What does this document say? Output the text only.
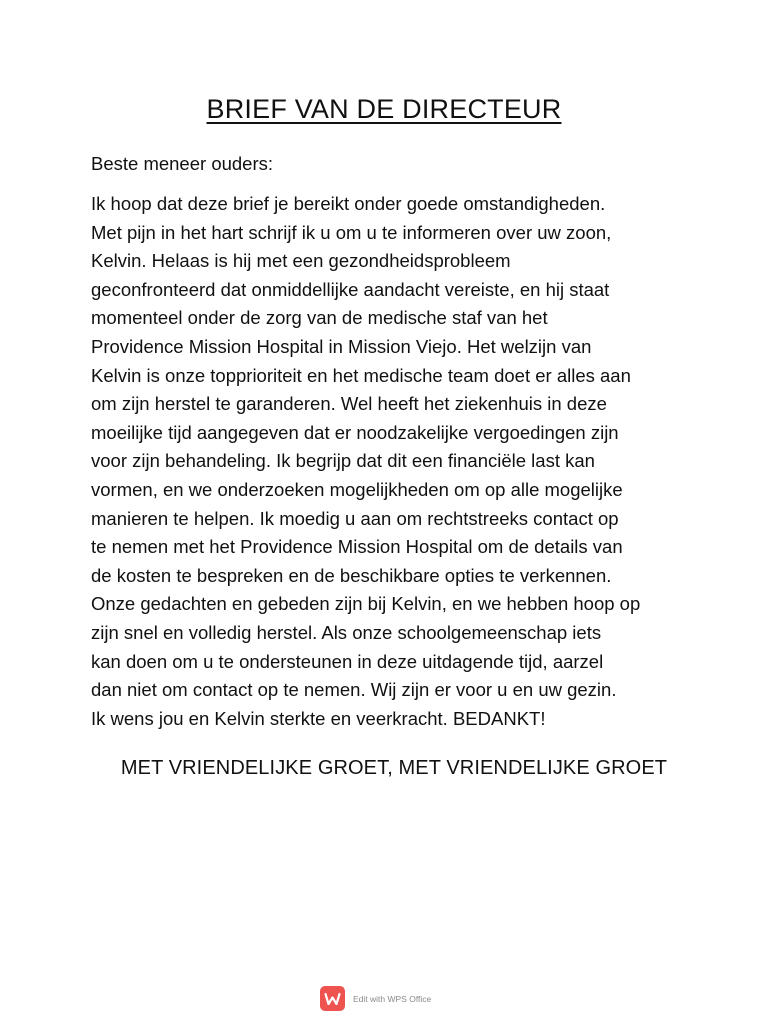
BRIEF VAN DE DIRECTEUR
Beste meneer ouders:
Ik hoop dat deze brief je bereikt onder goede omstandigheden.
Met pijn in het hart schrijf ik u om u te informeren over uw zoon,
Kelvin. Helaas is hij met een gezondheidsprobleem
geconfronteerd dat onmiddellijke aandacht vereiste, en hij staat
momenteel onder de zorg van de medische staf van het
Providence Mission Hospital in Mission Viejo. Het welzijn van
Kelvin is onze topprioriteit en het medische team doet er alles aan
om zijn herstel te garanderen. Wel heeft het ziekenhuis in deze
moeilijke tijd aangegeven dat er noodzakelijke vergoedingen zijn
voor zijn behandeling. Ik begrijp dat dit een financiële last kan
vormen, en we onderzoeken mogelijkheden om op alle mogelijke
manieren te helpen. Ik moedig u aan om rechtstreeks contact op
te nemen met het Providence Mission Hospital om de details van
de kosten te bespreken en de beschikbare opties te verkennen.
Onze gedachten en gebeden zijn bij Kelvin, en we hebben hoop op
zijn snel en volledig herstel. Als onze schoolgemeenschap iets
kan doen om u te ondersteunen in deze uitdagende tijd, aarzel
dan niet om contact op te nemen. Wij zijn er voor u en uw gezin.
Ik wens jou en Kelvin sterkte en veerkracht. BEDANKT!
MET VRIENDELIJKE GROET, MET VRIENDELIJKE GROET
Edit with WPS Office
